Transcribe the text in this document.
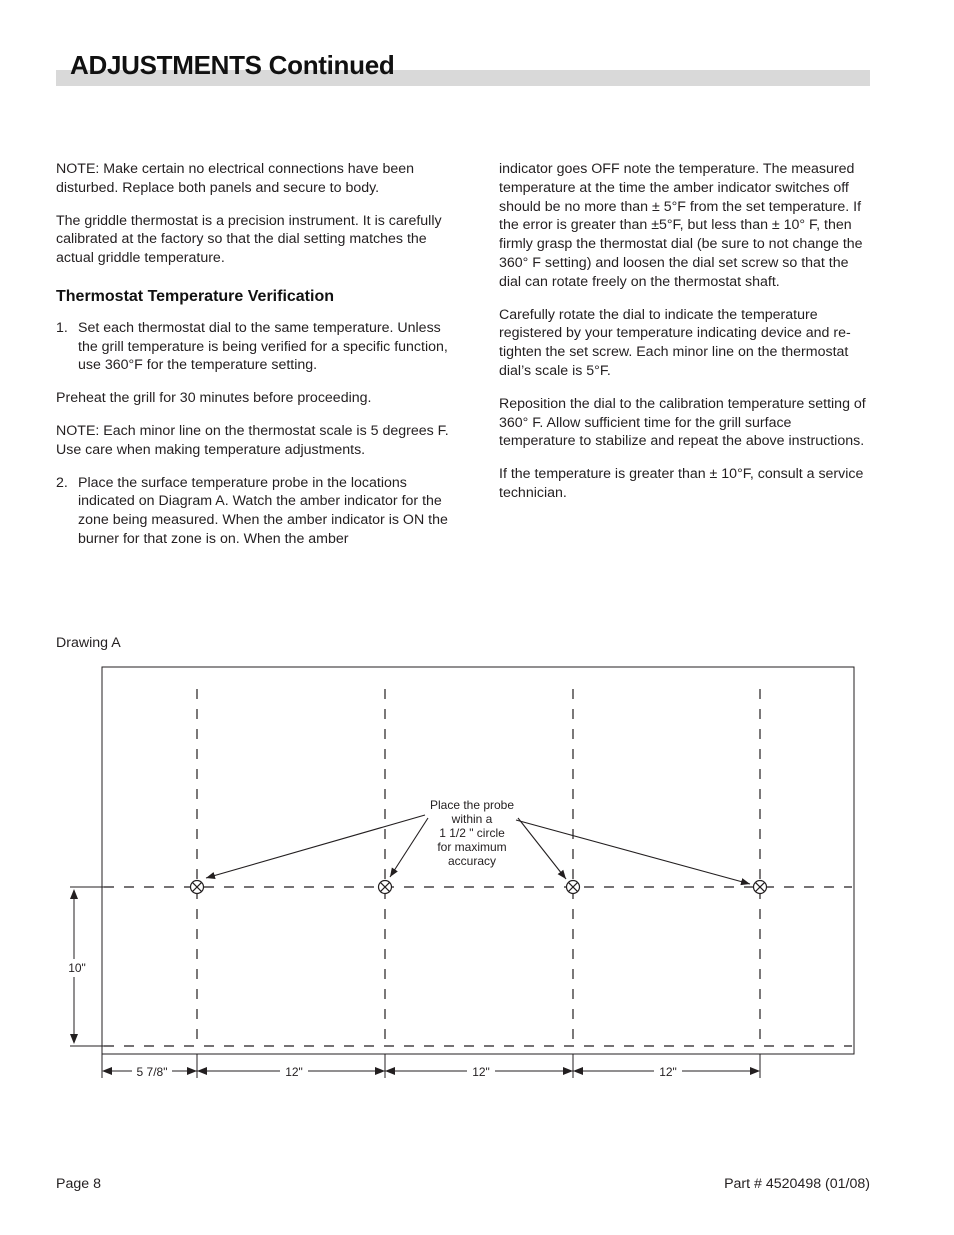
ADJUSTMENTS Continued

NOTE: Make certain no electrical connections have been disturbed. Replace both panels and secure to body.

The griddle thermostat is a precision instrument. It is carefully calibrated at the factory so that the dial setting matches the actual griddle temperature.

Thermostat Temperature Verification
1. Set each thermostat dial to the same temperature. Unless the grill temperature is being verified for a specific function, use 360°F for the temperature setting.

Preheat the grill for 30 minutes before proceeding.

NOTE: Each minor line on the thermostat scale is 5 degrees F. Use care when making temperature adjustments.

2. Place the surface temperature probe in the locations indicated on Diagram A. Watch the amber indicator for the zone being measured. When the amber indicator is ON the burner for that zone is on. When the amber

indicator goes OFF note the temperature. The measured temperature at the time the amber indicator switches off should be no more than ± 5°F from the set temperature. If the error is greater than ±5°F, but less than ± 10° F, then firmly grasp the thermostat dial (be sure to not change the 360° F setting) and loosen the dial set screw so that the dial can rotate freely on the thermostat shaft.

Carefully rotate the dial to indicate the temperature registered by your temperature indicating device and re-tighten the set screw. Each minor line on the thermostat dial’s scale is 5°F.

Reposition the dial to the calibration temperature setting of 360° F. Allow sufficient time for the grill surface temperature to stabilize and repeat the above instructions.

If the temperature is greater than ± 10°F, consult a service technician.

Drawing A
Place the probe
within a
1 1/2 " circle
for maximum
accuracy
10"
5 7/8"	12"	12"	12"
Page 8	Part # 4520498 (01/08)
